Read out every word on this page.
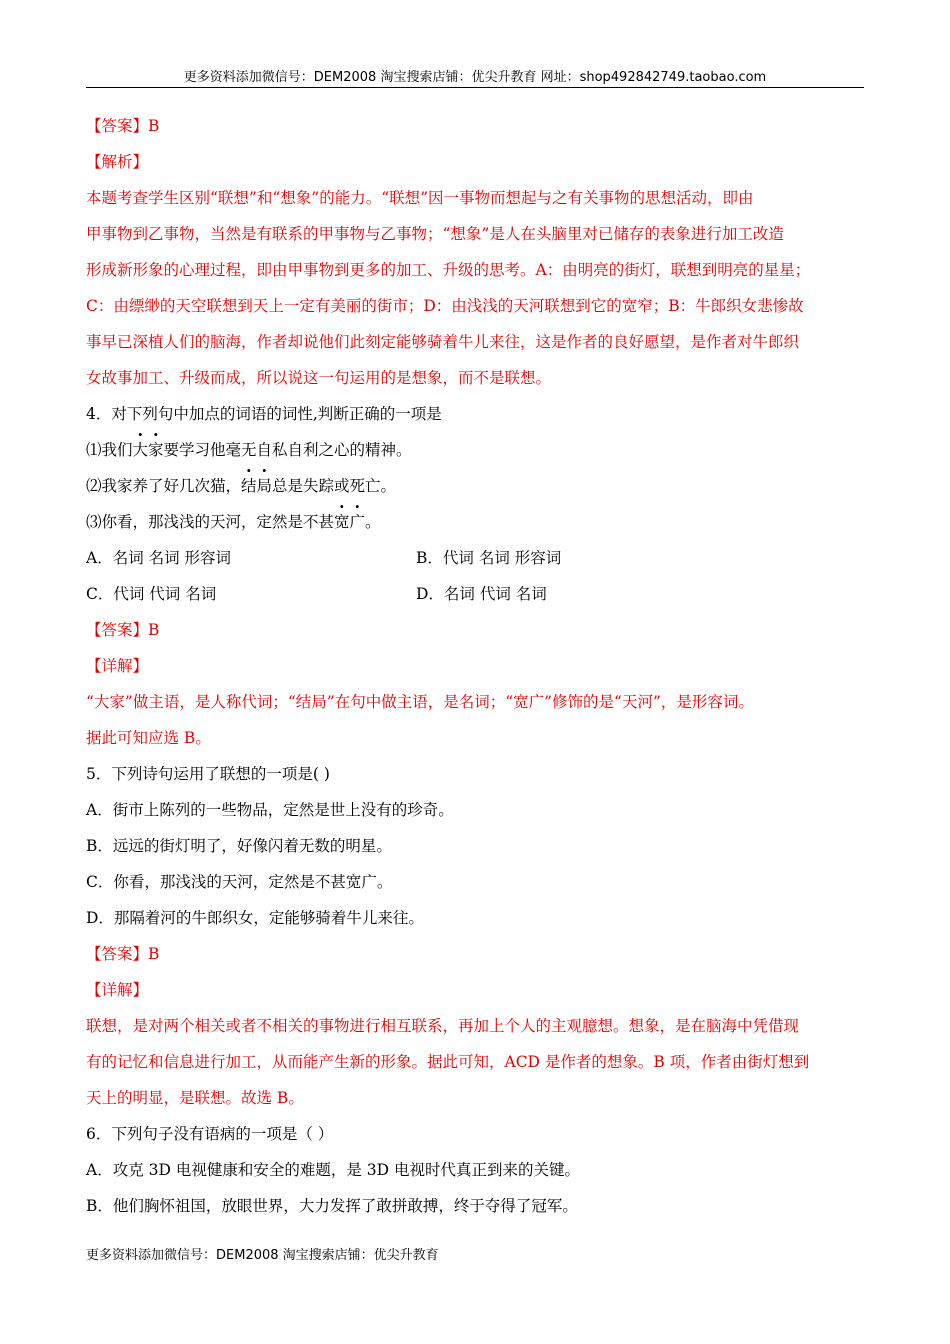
更多资料添加微信号：DEM2008 淘宝搜索店铺：优尖升教育 网址：shop492842749.taobao.com
【答案】B
【解析】
本题考查学生区别“联想”和“想象”的能力。“联想”因一事物而想起与之有关事物的思想活动，即由
甲事物到乙事物，当然是有联系的甲事物与乙事物；“想象”是人在头脑里对已储存的表象进行加工改造
形成新形象的心理过程，即由甲事物到更多的加工、升级的思考。A：由明亮的街灯，联想到明亮的星星；
C：由缥缈的天空联想到天上一定有美丽的街市；D：由浅浅的天河联想到它的宽窄；B：牛郎织女悲惨故
事早已深植人们的脑海，作者却说他们此刻定能够骑着牛儿来往，这是作者的良好愿望，是作者对牛郎织
女故事加工、升级而成，所以说这一句运用的是想象，而不是联想。
4．对下列句中加点的词语的词性,判断正确的一项是
⑴我们大家要学习他毫无自私自利之心的精神。
⑵我家养了好几次猫，结局总是失踪或死亡。
⑶你看，那浅浅的天河，定然是不甚宽广。
A．名词 名词 形容词	B．代词 名词 形容词
C．代词 代词 名词	D．名词 代词 名词
【答案】B
【详解】
“大家”做主语，是人称代词；“结局”在句中做主语，是名词；“宽广”修饰的是“天河”，是形容词。
据此可知应选 B。
5．下列诗句运用了联想的一项是( )
A．街市上陈列的一些物品，定然是世上没有的珍奇。
B．远远的街灯明了，好像闪着无数的明星。
C．你看，那浅浅的天河，定然是不甚宽广。
D．那隔着河的牛郎织女，定能够骑着牛儿来往。
【答案】B
【详解】
联想，是对两个相关或者不相关的事物进行相互联系，再加上个人的主观臆想。想象，是在脑海中凭借现
有的记忆和信息进行加工，从而能产生新的形象。据此可知，ACD 是作者的想象。B 项，作者由街灯想到
天上的明显，是联想。故选 B。
6．下列句子没有语病的一项是（ ）
A．攻克 3D 电视健康和安全的难题，是 3D 电视时代真正到来的关键。
B．他们胸怀祖国，放眼世界，大力发挥了敢拼敢搏，终于夺得了冠军。
更多资料添加微信号：DEM2008 淘宝搜索店铺：优尖升教育
